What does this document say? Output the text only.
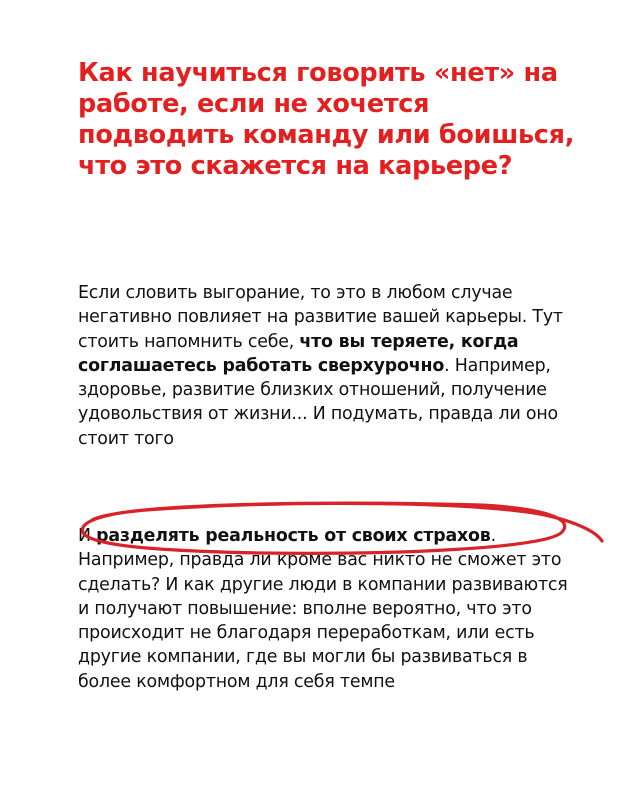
Как научиться говорить «нет» на работе, если не хочется подводить команду или боишься, что это скажется на карьере?

Если словить выгорание, то это в любом случае негативно повлияет на развитие вашей карьеры. Тут стоить напомнить себе, что вы теряете, когда соглашаетесь работать сверхурочно. Например, здоровье, развитие близких отношений, получение удовольствия от жизни... И подумать, правда ли оно стоит того

И разделять реальность от своих страхов. Например, правда ли кроме вас никто не сможет это сделать? И как другие люди в компании развиваются и получают повышение: вполне вероятно, что это происходит не благодаря переработкам, или есть другие компании, где вы могли бы развиваться в более комфортном для себя темпе
